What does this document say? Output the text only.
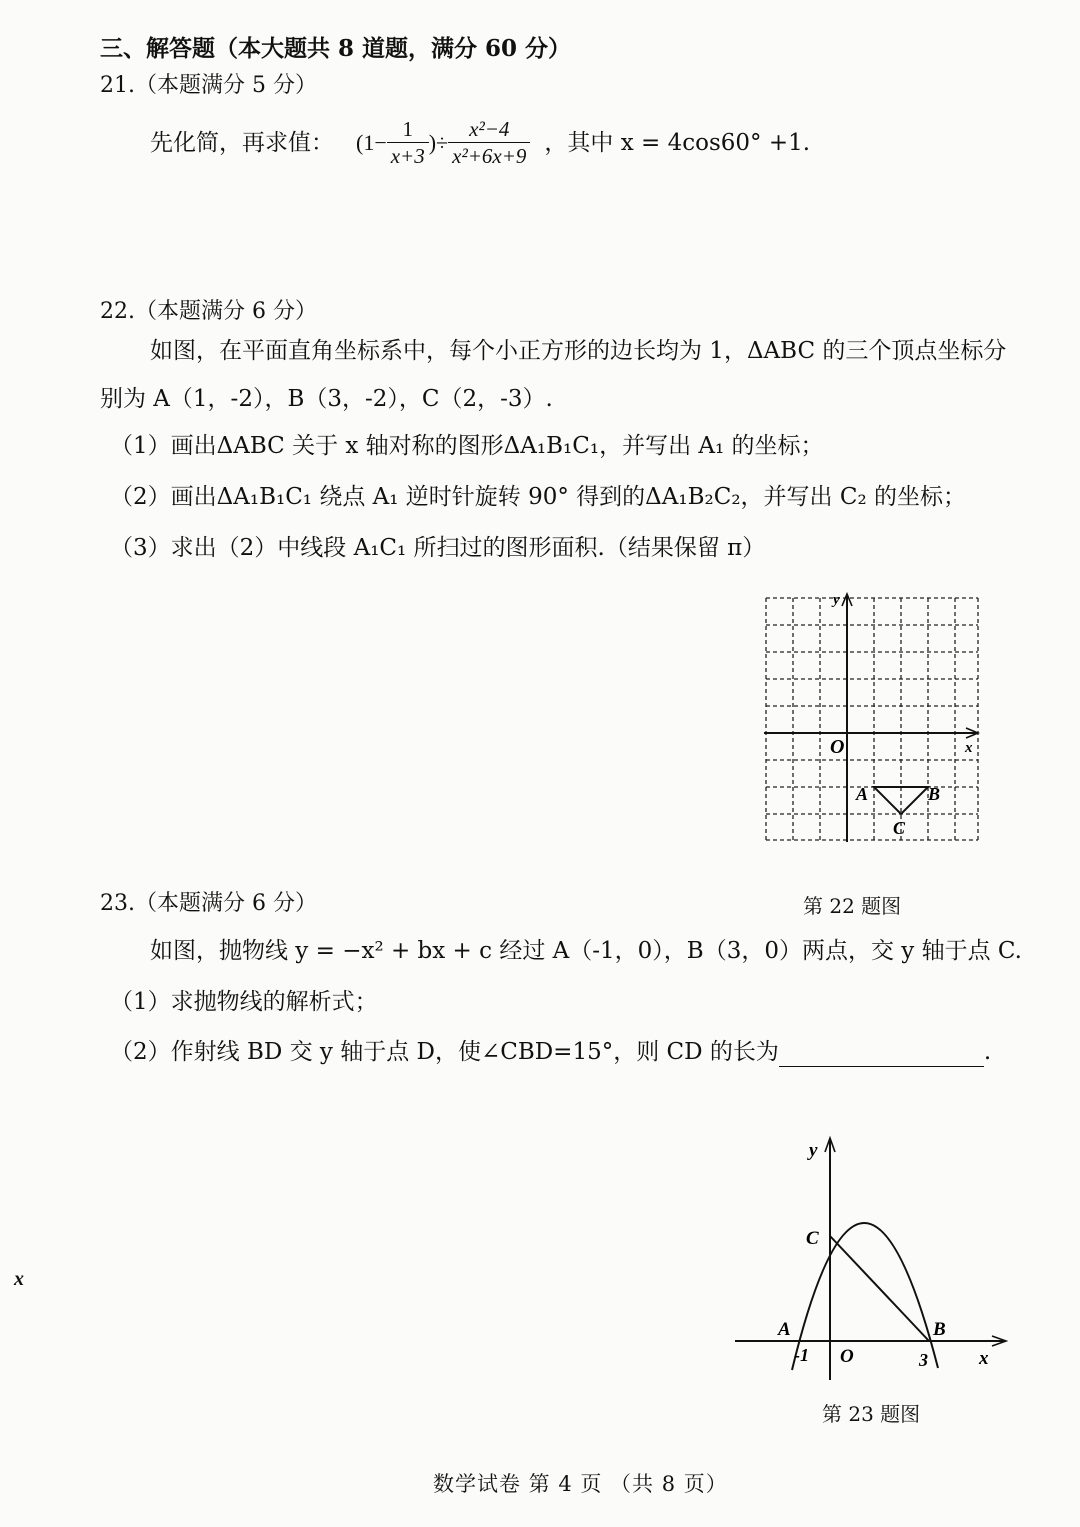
三、解答题（本大题共 8 道题，满分 60 分）
21.（本题满分 5 分）
先化简，再求值： ($1- \frac{1}{x+3}$ )÷ $\frac{\text{x²−4}}{\text{x²+6x+9}}$ ，其中 x = 4cos60° +1.
22.（本题满分 6 分）
如图，在平面直角坐标系中，每个小正方形的边长均为 1，ΔABC 的三个顶点坐标分
别为 A（1，-2），B（3，-2），C（2，-3）.
（1）画出ΔABC 关于 x 轴对称的图形ΔA₁B₁C₁，并写出 A₁ 的坐标；
（2）画出ΔA₁B₁C₁ 绕点 A₁ 逆时针旋转 90° 得到的ΔA₁B₂C₂，并写出 C₂ 的坐标；
（3）求出（2）中线段 A₁C₁ 所扫过的图形面积.（结果保留 π）
y
x
O
A	B
C
23.（本题满分 6 分）	第 22 题图
如图，抛物线 y = −x² + bx + c 经过 A（-1，0），B（3，0）两点，交 y 轴于点 C.
（1）求抛物线的解析式；
（2）作射线 BD 交 y 轴于点 D，使∠CBD=15°，则 CD 的长为	.
x
y
x
O
C
A	B
-1	3
第 23 题图
数学试卷 第 4 页 （共 8 页）
